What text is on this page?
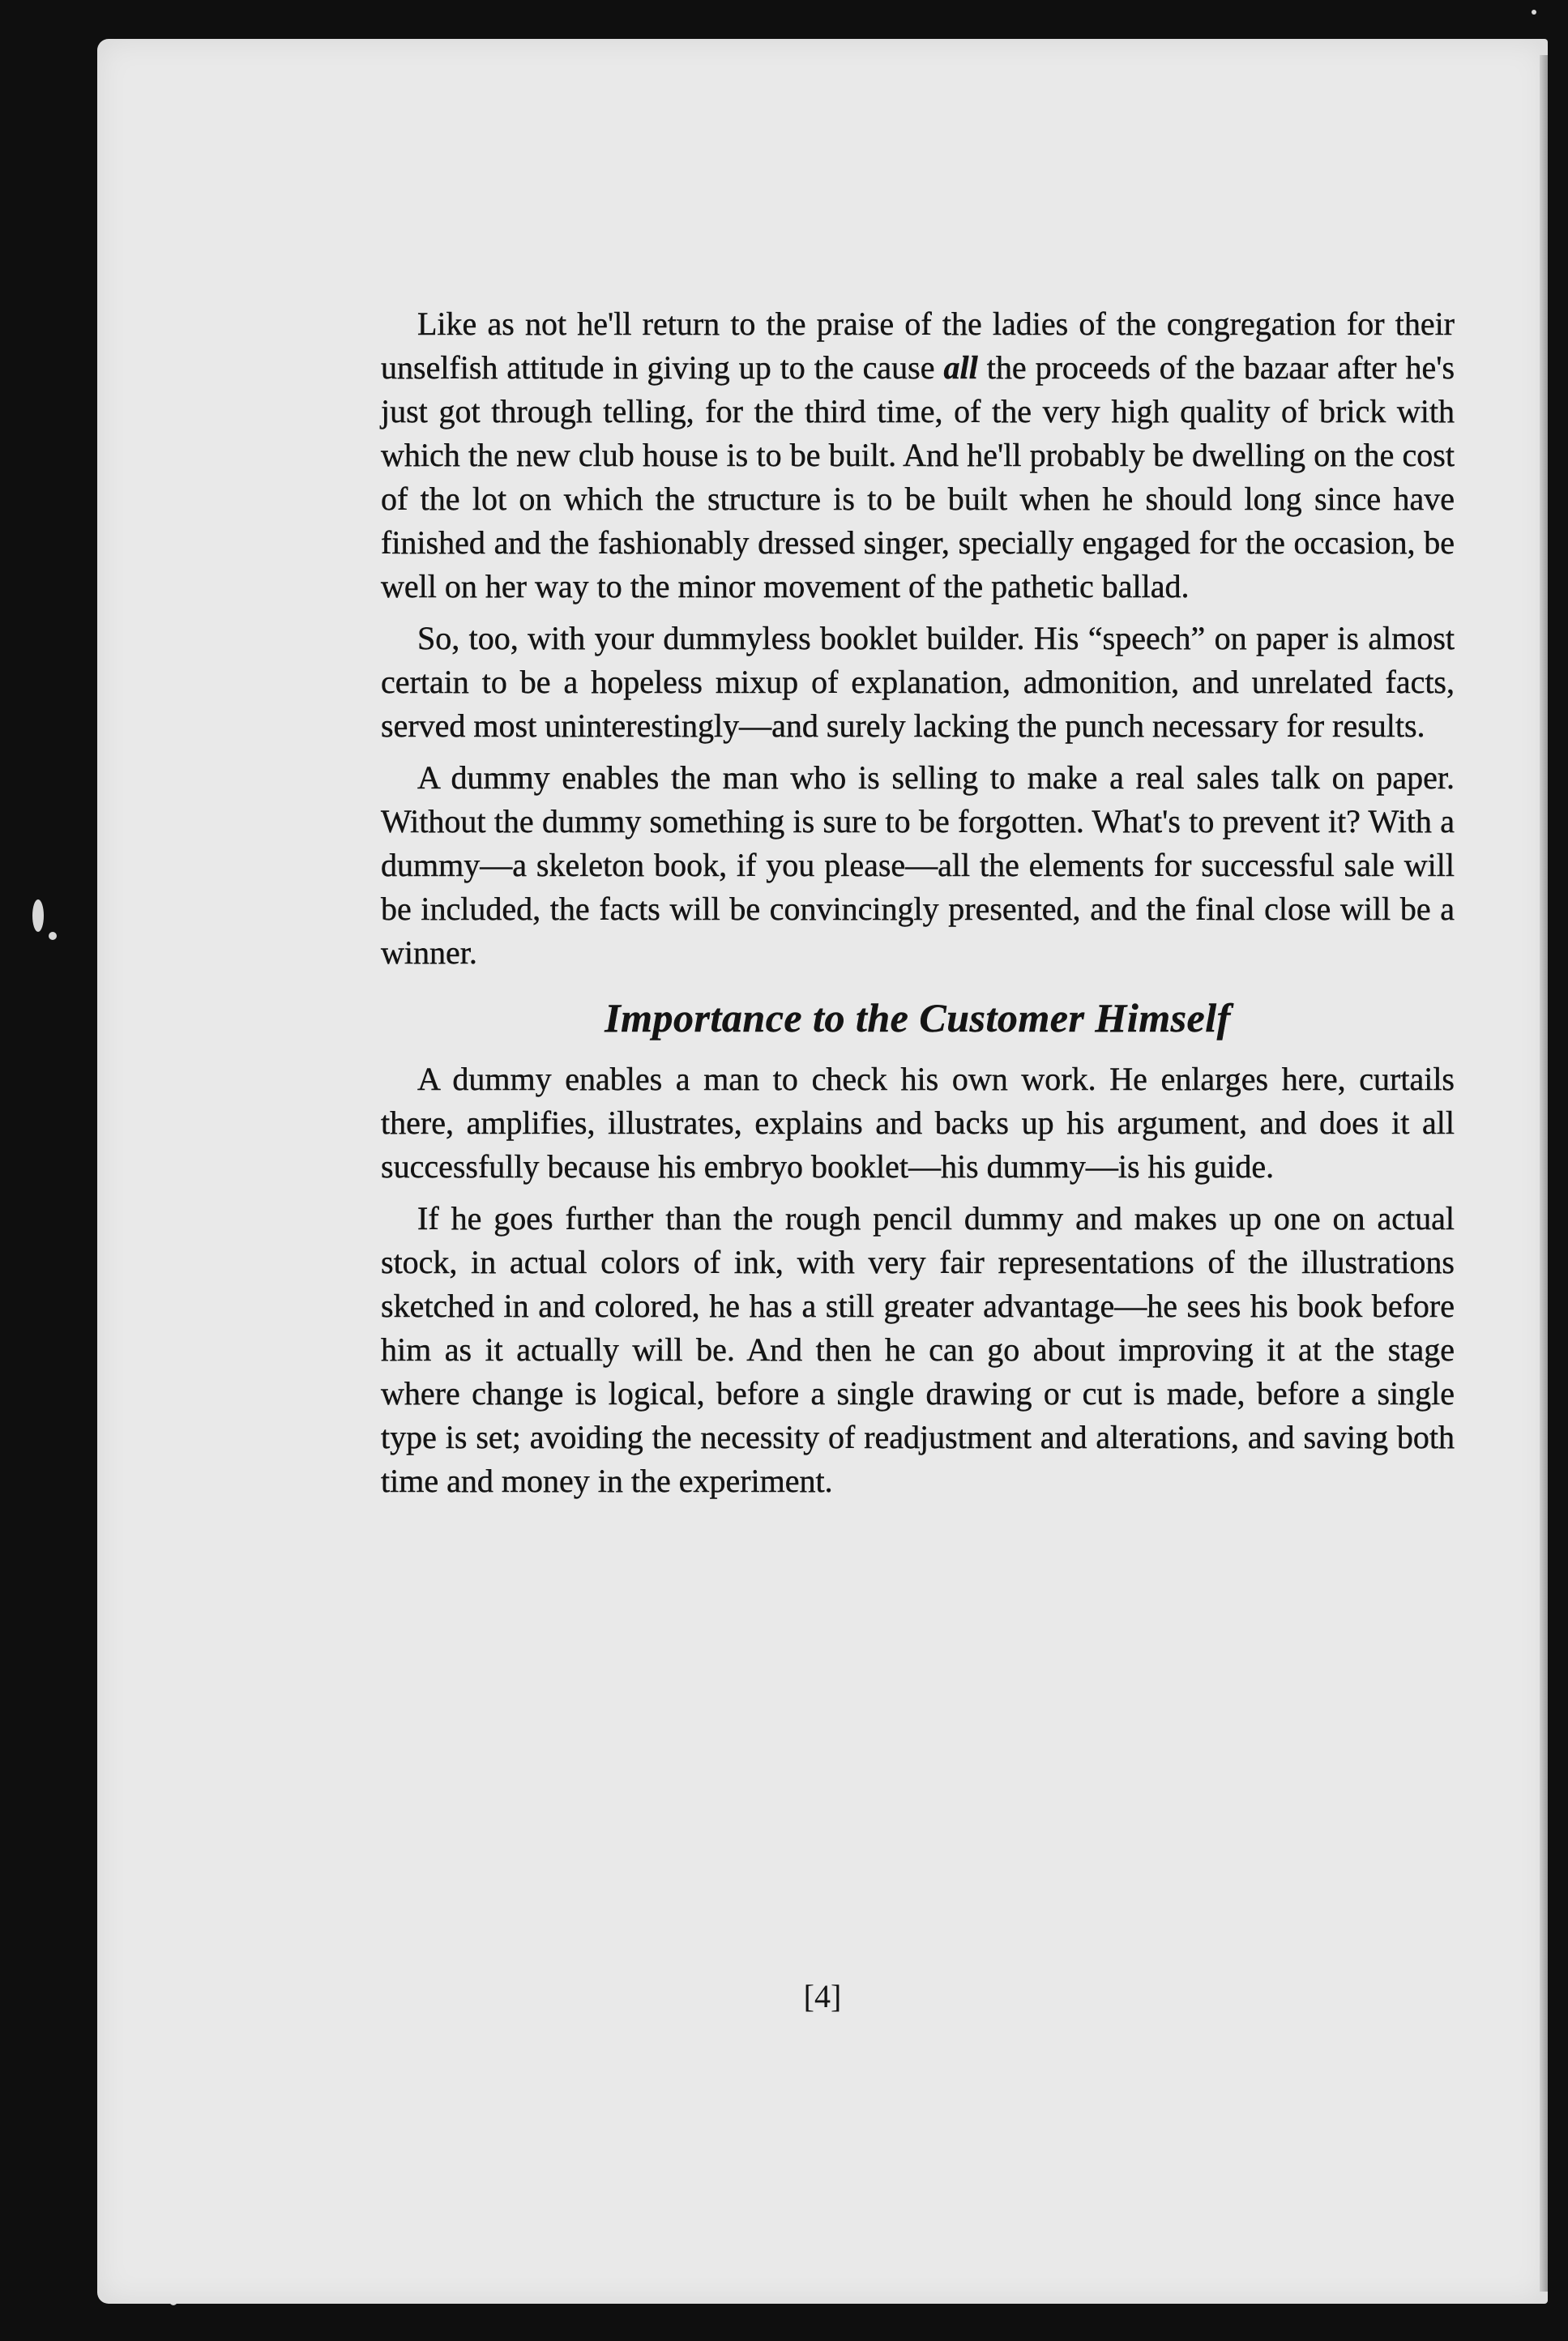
Like as not he'll return to the praise of the ladies of the congregation for their unselfish attitude in giving up to the cause all the proceeds of the bazaar after he's just got through telling, for the third time, of the very high quality of brick with which the new club house is to be built. And he'll probably be dwelling on the cost of the lot on which the structure is to be built when he should long since have finished and the fashionably dressed singer, specially engaged for the occasion, be well on her way to the minor movement of the pathetic ballad.

So, too, with your dummyless booklet builder. His “speech” on paper is almost certain to be a hopeless mixup of explanation, admonition, and unrelated facts, served most uninterestingly—and surely lacking the punch necessary for results.

A dummy enables the man who is selling to make a real sales talk on paper. Without the dummy something is sure to be forgotten. What's to prevent it? With a dummy—a skeleton book, if you please—all the elements for successful sale will be included, the facts will be convincingly presented, and the final close will be a winner.

Importance to the Customer Himself

A dummy enables a man to check his own work. He enlarges here, curtails there, amplifies, illustrates, explains and backs up his argument, and does it all successfully because his embryo booklet—his dummy—is his guide.

If he goes further than the rough pencil dummy and makes up one on actual stock, in actual colors of ink, with very fair representations of the illustrations sketched in and colored, he has a still greater advantage—he sees his book before him as it actually will be. And then he can go about improving it at the stage where change is logical, before a single drawing or cut is made, before a single type is set; avoiding the necessity of readjustment and alterations, and saving both time and money in the experiment.

[4]
